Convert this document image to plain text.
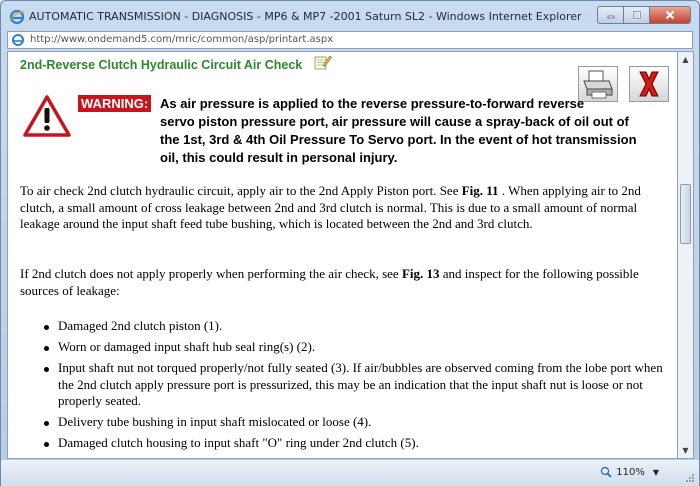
AUTOMATIC TRANSMISSION - DIAGNOSIS - MP6 & MP7 -2001 Saturn SL2 - Windows Internet Explorer
http://www.ondemand5.com/mric/common/asp/printart.aspx
2nd-Reverse Clutch Hydraulic Circuit Air Check
WARNING: As air pressure is applied to the reverse pressure-to-forward reverse
servo piston pressure port, air pressure will cause a spray-back of oil out of the 1st, 3rd & 4th Oil Pressure To Servo port. In the event of hot transmission oil, this could result in personal injury.

To air check 2nd clutch hydraulic circuit, apply air to the 2nd Apply Piston port. See Fig. 11 . When applying air to 2nd clutch, a small amount of cross leakage between 2nd and 3rd clutch is normal. This is due to a small amount of normal leakage around the input shaft feed tube bushing, which is located between the 2nd and 3rd clutch.

If 2nd clutch does not apply properly when performing the air check, see Fig. 13 and inspect for the following possible sources of leakage:

Damaged 2nd clutch piston (1).
Worn or damaged input shaft hub seal ring(s) (2).
Input shaft nut not torqued properly/not fully seated (3). If air/bubbles are observed coming from the lobe port when the 2nd clutch apply pressure port is pressurized, this may be an indication that the input shaft nut is loose or not properly seated.
Delivery tube bushing in input shaft mislocated or loose (4).
Damaged clutch housing to input shaft "O" ring under 2nd clutch (5).
▲
▼
110% ▼
